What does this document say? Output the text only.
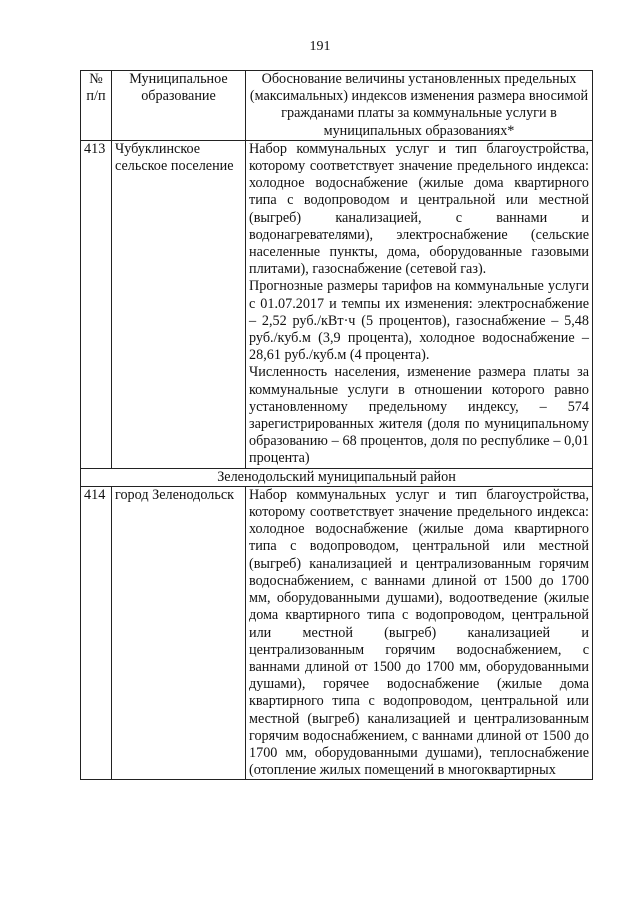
191
№ п/п	Муниципальное образование	Обоснование величины установленных предельных (максимальных) индексов изменения размера вносимой гражданами платы за коммунальные услуги в муниципальных образованиях*
413	Чубуклинское сельское поселение	Набор коммунальных услуг и тип благоустройства, которому соответствует значение предельного индекса: холодное водоснабжение (жилые дома квартирного типа с водопроводом и центральной или местной (выгреб) канализацией, с ваннами и водонагревателями), электроснабжение (сельские населенные пункты, дома, оборудованные газовыми плитами), газоснабжение (сетевой газ).

Прогнозные размеры тарифов на коммунальные услуги с 01.07.2017 и темпы их изменения: электроснабжение – 2,52 руб./кВт·ч (5 процентов), газоснабжение – 5,48 руб./куб.м (3,9 процента), холодное водоснабжение – 28,61 руб./куб.м (4 процента).

Численность населения, изменение размера платы за коммунальные услуги в отношении которого равно установленному предельному индексу, – 574 зарегистрированных жителя (доля по муниципальному образованию – 68 процентов, доля по республике – 0,01 процента)

Зеленодольский муниципальный район		
414	город Зеленодольск	Набор коммунальных услуг и тип благоустройства, которому соответствует значение предельного индекса: холодное водоснабжение (жилые дома квартирного типа с водопроводом, центральной или местной (выгреб) канализацией и централизованным горячим водоснабжением, с ваннами длиной от 1500 до 1700 мм, оборудованными душами), водоотведение (жилые дома квартирного типа с водопроводом, центральной или местной (выгреб) канализацией и централизованным горячим водоснабжением, с ваннами длиной от 1500 до 1700 мм, оборудованными душами), горячее водоснабжение (жилые дома квартирного типа с водопроводом, центральной или местной (выгреб) канализацией и централизованным горячим водоснабжением, с ваннами длиной от 1500 до 1700 мм, оборудованными душами), теплоснабжение (отопление жилых помещений в многоквартирных
